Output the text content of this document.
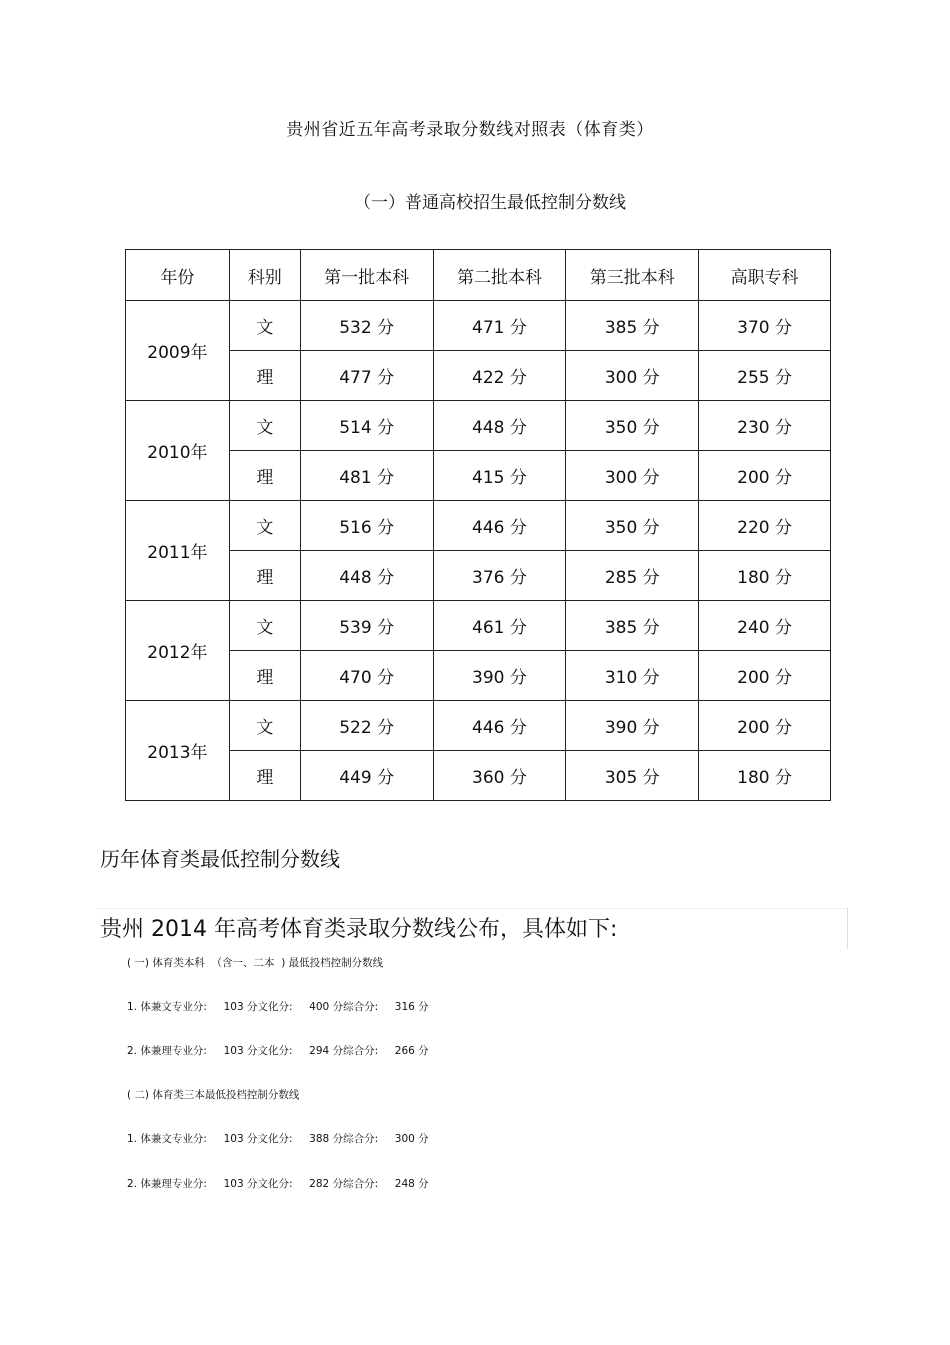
贵州省近五年高考录取分数线对照表（体育类）
（一）普通高校招生最低控制分数线
年份	科别	第一批本科	第二批本科	第三批本科	高职专科
2009年	文	532 分	471 分	385 分	370 分
	理	477 分	422 分	300 分	255 分
2010年	文	514 分	448 分	350 分	230 分
	理	481 分	415 分	300 分	200 分
2011年	文	516 分	446 分	350 分	220 分
	理	448 分	376 分	285 分	180 分
2012年	文	539 分	461 分	385 分	240 分
	理	470 分	390 分	310 分	200 分
2013年	文	522 分	446 分	390 分	200 分
	理	449 分	360 分	305 分	180 分
历年体育类最低控制分数线
贵州 2014 年高考体育类录取分数线公布，具体如下:
( 一) 体育类本科  （含一、二本  ) 最低投档控制分数线
1. 体兼文专业分:     103 分文化分:     400 分综合分:     316 分
2. 体兼理专业分:     103 分文化分:     294 分综合分:     266 分
( 二) 体育类三本最低投档控制分数线
1. 体兼文专业分:     103 分文化分:     388 分综合分:     300 分
2. 体兼理专业分:     103 分文化分:     282 分综合分:     248 分
